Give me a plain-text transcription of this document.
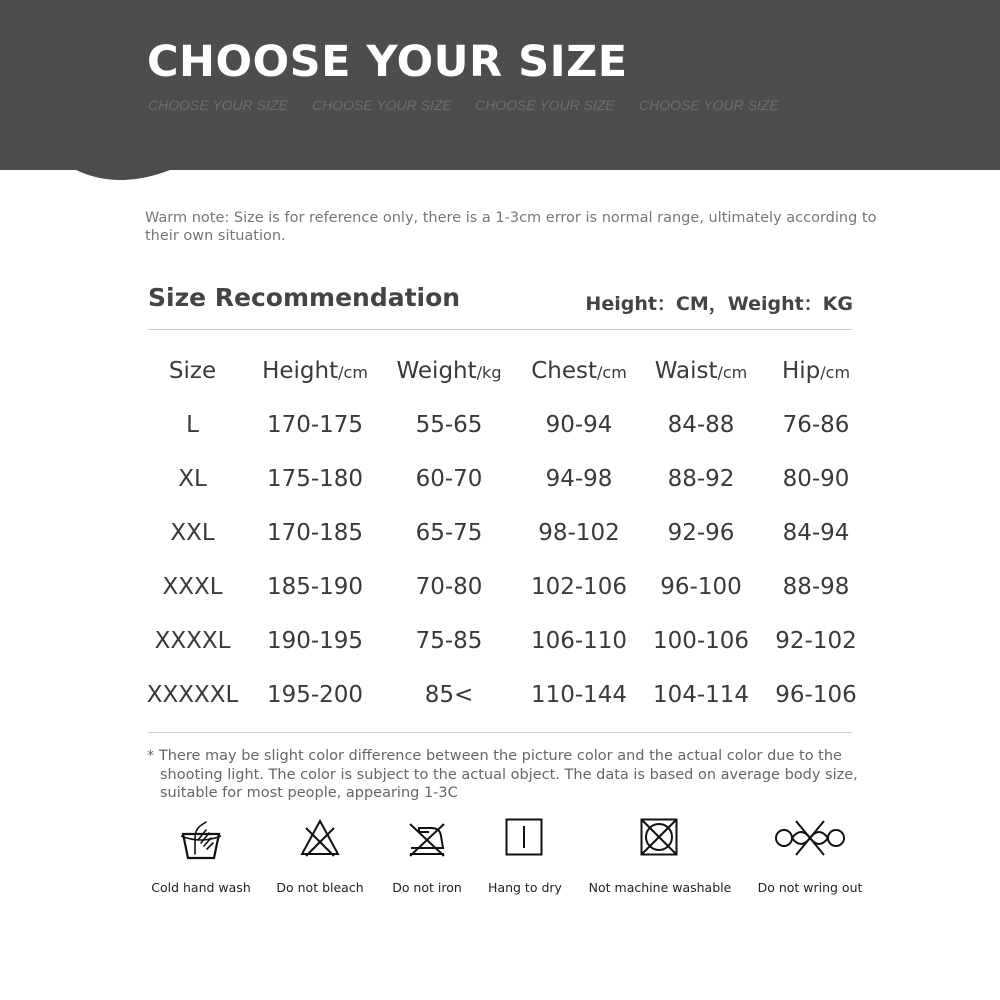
CHOOSE YOUR SIZE
CHOOSE YOUR SIZE CHOOSE YOUR SIZE CHOOSE YOUR SIZE CHOOSE YOUR SIZE

Warm note: Size is for reference only, there is a 1-3cm error is normal range, ultimately according to their own situation.

Size Recommendation	Height：CM，Weight：KG
Size	Height/cm	Weight/kg	Chest/cm	Waist/cm	Hip/cm
L	170-175	55-65	90-94	84-88	76-86
XL	175-180	60-70	94-98	88-92	80-90
XXL	170-185	65-75	98-102	92-96	84-94
XXXL	185-190	70-80	102-106	96-100	88-98
XXXXL	190-195	75-85	106-110	100-106	92-102
XXXXXL	195-200	85<	110-144	104-114	96-106

* There may be slight color difference between the picture color and the actual color due to the shooting light. The color is subject to the actual object. The data is based on average body size, suitable for most people, appearing 1-3C

Cold hand wash	Do not bleach	Do not iron	Hang to dry	Not machine washable	Do not wring out
